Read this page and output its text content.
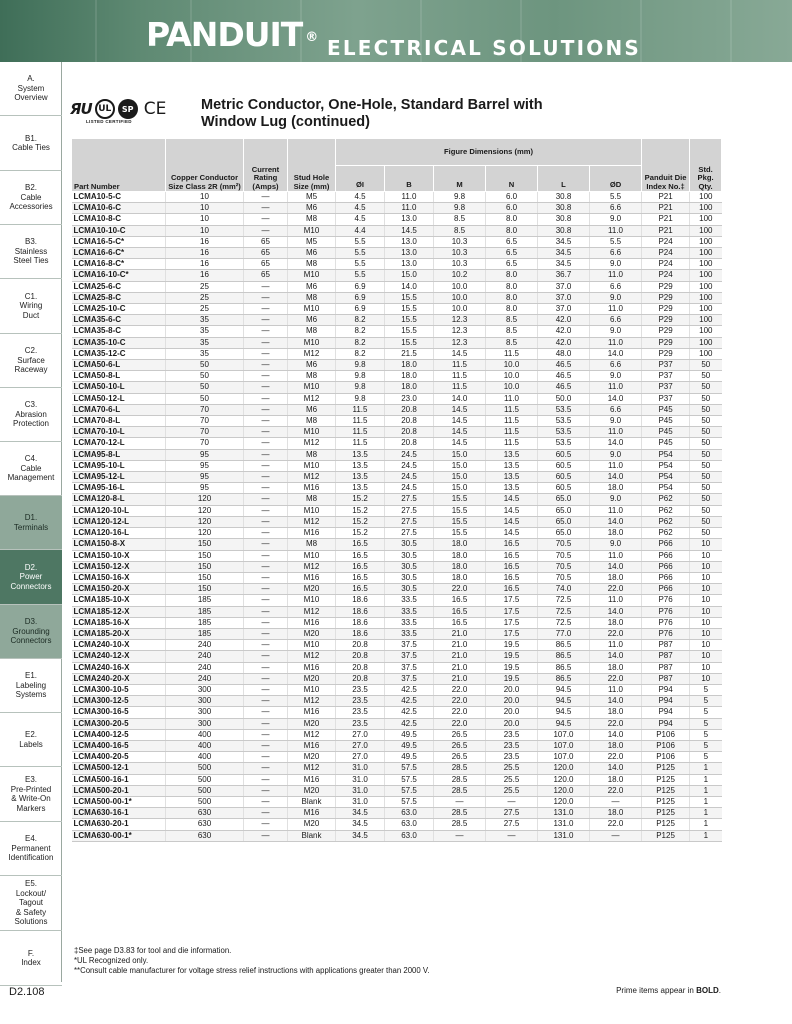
PANDUIT ® ELECTRICAL SOLUTIONS
A.
System
Overview
B1.
Cable Ties
B2.
Cable
Accessories
B3.
Stainless
Steel Ties
C1.
Wiring
Duct
C2.
Surface
Raceway
C3.
Abrasion
Protection
C4.
Cable
Management
D1.
Terminals
D2.
Power
Connectors
D3.
Grounding
Connectors
E1.
Labeling
Systems
E2.
Labels
E3.
Pre-Printed
& Write-On
Markers
E4.
Permanent
Identification
E5.
Lockout/
Tagout
& Safety
Solutions
F.
Index
ЯU UL	SP CE
LISTED CERTIFIED
Metric Conductor, One-Hole, Standard Barrel with
Window Lug (continued)
Part Number	Copper Conductor Size Class 2R (mm²)	Current Rating (Amps)	Stud Hole Size (mm)	Figure Dimensions (mm)						Panduit Die Index No.‡	Std. Pkg. Qty.
				ØI	B	M	N	L	ØD		
LCMA10-5-C	10	—	M5	4.5	11.0	9.8	6.0	30.8	5.5	P21	100
LCMA10-6-C	10	—	M6	4.5	11.0	9.8	6.0	30.8	6.6	P21	100
LCMA10-8-C	10	—	M8	4.5	13.0	8.5	8.0	30.8	9.0	P21	100
LCMA10-10-C	10	—	M10	4.4	14.5	8.5	8.0	30.8	11.0	P21	100
LCMA16-5-C*	16	65	M5	5.5	13.0	10.3	6.5	34.5	5.5	P24	100
LCMA16-6-C*	16	65	M6	5.5	13.0	10.3	6.5	34.5	6.6	P24	100
LCMA16-8-C*	16	65	M8	5.5	13.0	10.3	6.5	34.5	9.0	P24	100
LCMA16-10-C*	16	65	M10	5.5	15.0	10.2	8.0	36.7	11.0	P24	100
LCMA25-6-C	25	—	M6	6.9	14.0	10.0	8.0	37.0	6.6	P29	100
LCMA25-8-C	25	—	M8	6.9	15.5	10.0	8.0	37.0	9.0	P29	100
LCMA25-10-C	25	—	M10	6.9	15.5	10.0	8.0	37.0	11.0	P29	100
LCMA35-6-C	35	—	M6	8.2	15.5	12.3	8.5	42.0	6.6	P29	100
LCMA35-8-C	35	—	M8	8.2	15.5	12.3	8.5	42.0	9.0	P29	100
LCMA35-10-C	35	—	M10	8.2	15.5	12.3	8.5	42.0	11.0	P29	100
LCMA35-12-C	35	—	M12	8.2	21.5	14.5	11.5	48.0	14.0	P29	100
LCMA50-6-L	50	—	M6	9.8	18.0	11.5	10.0	46.5	6.6	P37	50
LCMA50-8-L	50	—	M8	9.8	18.0	11.5	10.0	46.5	9.0	P37	50
LCMA50-10-L	50	—	M10	9.8	18.0	11.5	10.0	46.5	11.0	P37	50
LCMA50-12-L	50	—	M12	9.8	23.0	14.0	11.0	50.0	14.0	P37	50
LCMA70-6-L	70	—	M6	11.5	20.8	14.5	11.5	53.5	6.6	P45	50
LCMA70-8-L	70	—	M8	11.5	20.8	14.5	11.5	53.5	9.0	P45	50
LCMA70-10-L	70	—	M10	11.5	20.8	14.5	11.5	53.5	11.0	P45	50
LCMA70-12-L	70	—	M12	11.5	20.8	14.5	11.5	53.5	14.0	P45	50
LCMA95-8-L	95	—	M8	13.5	24.5	15.0	13.5	60.5	9.0	P54	50
LCMA95-10-L	95	—	M10	13.5	24.5	15.0	13.5	60.5	11.0	P54	50
LCMA95-12-L	95	—	M12	13.5	24.5	15.0	13.5	60.5	14.0	P54	50
LCMA95-16-L	95	—	M16	13.5	24.5	15.0	13.5	60.5	18.0	P54	50
LCMA120-8-L	120	—	M8	15.2	27.5	15.5	14.5	65.0	9.0	P62	50
LCMA120-10-L	120	—	M10	15.2	27.5	15.5	14.5	65.0	11.0	P62	50
LCMA120-12-L	120	—	M12	15.2	27.5	15.5	14.5	65.0	14.0	P62	50
LCMA120-16-L	120	—	M16	15.2	27.5	15.5	14.5	65.0	18.0	P62	50
LCMA150-8-X	150	—	M8	16.5	30.5	18.0	16.5	70.5	9.0	P66	10
LCMA150-10-X	150	—	M10	16.5	30.5	18.0	16.5	70.5	11.0	P66	10
LCMA150-12-X	150	—	M12	16.5	30.5	18.0	16.5	70.5	14.0	P66	10
LCMA150-16-X	150	—	M16	16.5	30.5	18.0	16.5	70.5	18.0	P66	10
LCMA150-20-X	150	—	M20	16.5	30.5	22.0	16.5	74.0	22.0	P66	10
LCMA185-10-X	185	—	M10	18.6	33.5	16.5	17.5	72.5	11.0	P76	10
LCMA185-12-X	185	—	M12	18.6	33.5	16.5	17.5	72.5	14.0	P76	10
LCMA185-16-X	185	—	M16	18.6	33.5	16.5	17.5	72.5	18.0	P76	10
LCMA185-20-X	185	—	M20	18.6	33.5	21.0	17.5	77.0	22.0	P76	10
LCMA240-10-X	240	—	M10	20.8	37.5	21.0	19.5	86.5	11.0	P87	10
LCMA240-12-X	240	—	M12	20.8	37.5	21.0	19.5	86.5	14.0	P87	10
LCMA240-16-X	240	—	M16	20.8	37.5	21.0	19.5	86.5	18.0	P87	10
LCMA240-20-X	240	—	M20	20.8	37.5	21.0	19.5	86.5	22.0	P87	10
LCMA300-10-5	300	—	M10	23.5	42.5	22.0	20.0	94.5	11.0	P94	5
LCMA300-12-5	300	—	M12	23.5	42.5	22.0	20.0	94.5	14.0	P94	5
LCMA300-16-5	300	—	M16	23.5	42.5	22.0	20.0	94.5	18.0	P94	5
LCMA300-20-5	300	—	M20	23.5	42.5	22.0	20.0	94.5	22.0	P94	5
LCMA400-12-5	400	—	M12	27.0	49.5	26.5	23.5	107.0	14.0	P106	5
LCMA400-16-5	400	—	M16	27.0	49.5	26.5	23.5	107.0	18.0	P106	5
LCMA400-20-5	400	—	M20	27.0	49.5	26.5	23.5	107.0	22.0	P106	5
LCMA500-12-1	500	—	M12	31.0	57.5	28.5	25.5	120.0	14.0	P125	1
LCMA500-16-1	500	—	M16	31.0	57.5	28.5	25.5	120.0	18.0	P125	1
LCMA500-20-1	500	—	M20	31.0	57.5	28.5	25.5	120.0	22.0	P125	1
LCMA500-00-1*	500	—	Blank	31.0	57.5	—	—	120.0	—	P125	1
LCMA630-16-1	630	—	M16	34.5	63.0	28.5	27.5	131.0	18.0	P125	1
LCMA630-20-1	630	—	M20	34.5	63.0	28.5	27.5	131.0	22.0	P125	1
LCMA630-00-1*	630	—	Blank	34.5	63.0	—	—	131.0	—	P125	1

‡See page D3.83 for tool and die information.

*UL Recognized only.

**Consult cable manufacturer for voltage stress relief instructions with applications greater than 2000 V.

D2.108	Prime items appear in BOLD.
